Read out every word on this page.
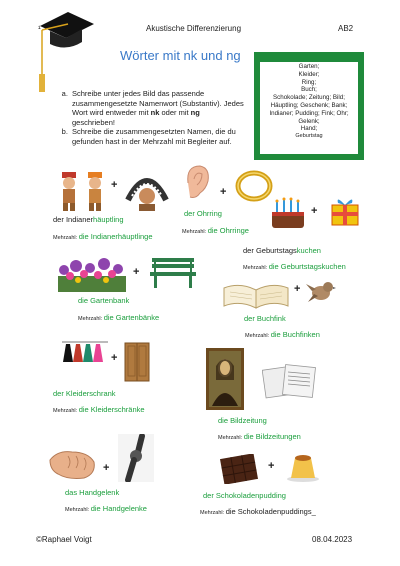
¹	Akustische Differenzierung	AB2
Wörter mit nk und ng
a. Schreibe unter jedes Bild das passende zusammengesetzte Namenwort (Substantiv). Jedes Wort wird entweder mit nk oder mit ng geschrieben!
b. Schreibe die zusammengesetzten Namen, die du gefunden hast in der Mehrzahl mit Begleiter auf.
Garten;
Kleider;
Ring;
Buch;
Schokolade; Zeitung; Bild;
Häuptling; Geschenk; Bank;
Indianer; Pudding; Fink; Ohr;
Gelenk;
Hand;
Geburtstag
+
der Indianerhäuptling
Mehrzahl: die Indianerhäuptlinge
+
der Ohrring
Mehrzahl: die Ohrringe
+
der Geburtstagskuchen
Mehrzahl: die Geburtstagskuchen
+
die Gartenbank
Mehrzahl: die Gartenbänke
+
der Buchfink
Mehrzahl: die Buchfinken
+
der Kleiderschrank
Mehrzahl: die Kleiderschränke
die Bildzeitung
Mehrzahl: die Bildzeitungen
+
das Handgelenk
Mehrzahl: die Handgelenke
+
der Schokoladenpudding
Mehrzahl: die Schokoladenpuddings_
©Raphael Voigt	08.04.2023
